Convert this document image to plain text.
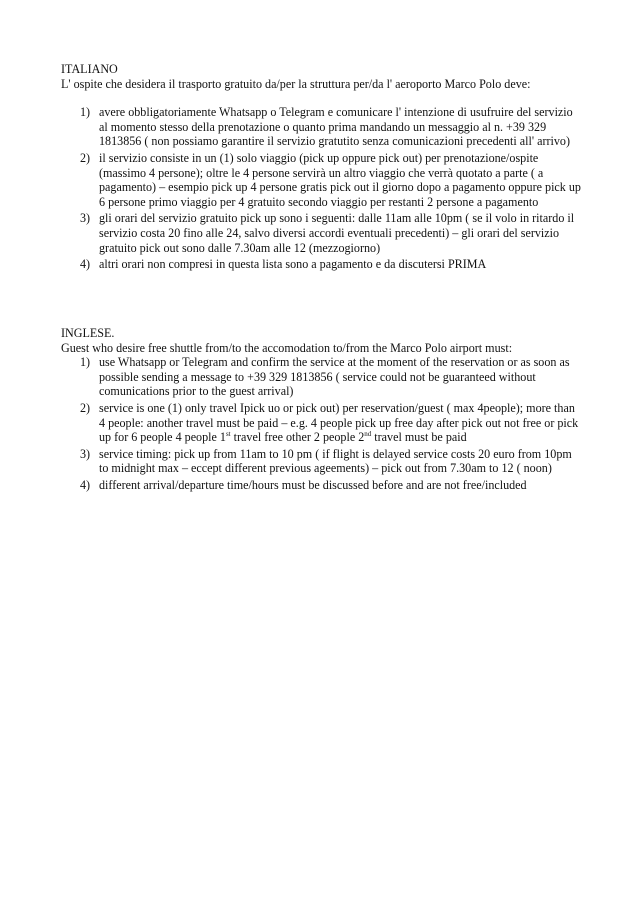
ITALIANO

L' ospite che desidera il trasporto gratuito da/per la struttura per/da l' aeroporto Marco Polo deve:

1) avere obbligatoriamente Whatsapp o Telegram e comunicare l' intenzione di usufruire del servizio al momento stesso della prenotazione o quanto prima mandando un messaggio al n. +39 329 1813856 ( non possiamo garantire il servizio gratutito senza comunicazioni precedenti all' arrivo)
2) il servizio consiste in un (1) solo viaggio (pick up oppure pick out) per prenotazione/ospite (massimo 4 persone); oltre le 4 persone servirà un altro viaggio che verrà quotato a parte ( a pagamento) – esempio pick up 4 persone gratis pick out il giorno dopo a pagamento oppure pick up 6 persone primo viaggio per 4 gratuito secondo viaggio per restanti 2 persone a pagamento
3) gli orari del servizio gratuito pick up sono i seguenti: dalle 11am alle 10pm ( se il volo in ritardo il servizio costa 20 fino alle 24, salvo diversi accordi eventuali precedenti) – gli orari del servizio gratuito pick out sono dalle 7.30am alle 12 (mezzogiorno)
4) altri orari non compresi in questa lista sono a pagamento e da discutersi PRIMA

INGLESE.

Guest who desire free shuttle from/to the accomodation to/from the Marco Polo airport must:

1) use Whatsapp or Telegram and confirm the service at the moment of the reservation or as soon as possible sending a message to +39 329 1813856 ( service could not be guaranteed without comunications prior to the guest arrival)
2) service is one (1) only travel Ipick uo or pick out) per reservation/guest ( max 4people); more than 4 people: another travel must be paid – e.g. 4 people pick up free day after pick out not free or pick up for 6 people 4 people 1st travel free other 2 people 2nd travel must be paid
3) service timing: pick up from 11am to 10 pm ( if flight is delayed service costs 20 euro from 10pm to midnight max – eccept different previous ageements) – pick out from 7.30am to 12 ( noon)
4) different arrival/departure time/hours must be discussed before and are not free/included
